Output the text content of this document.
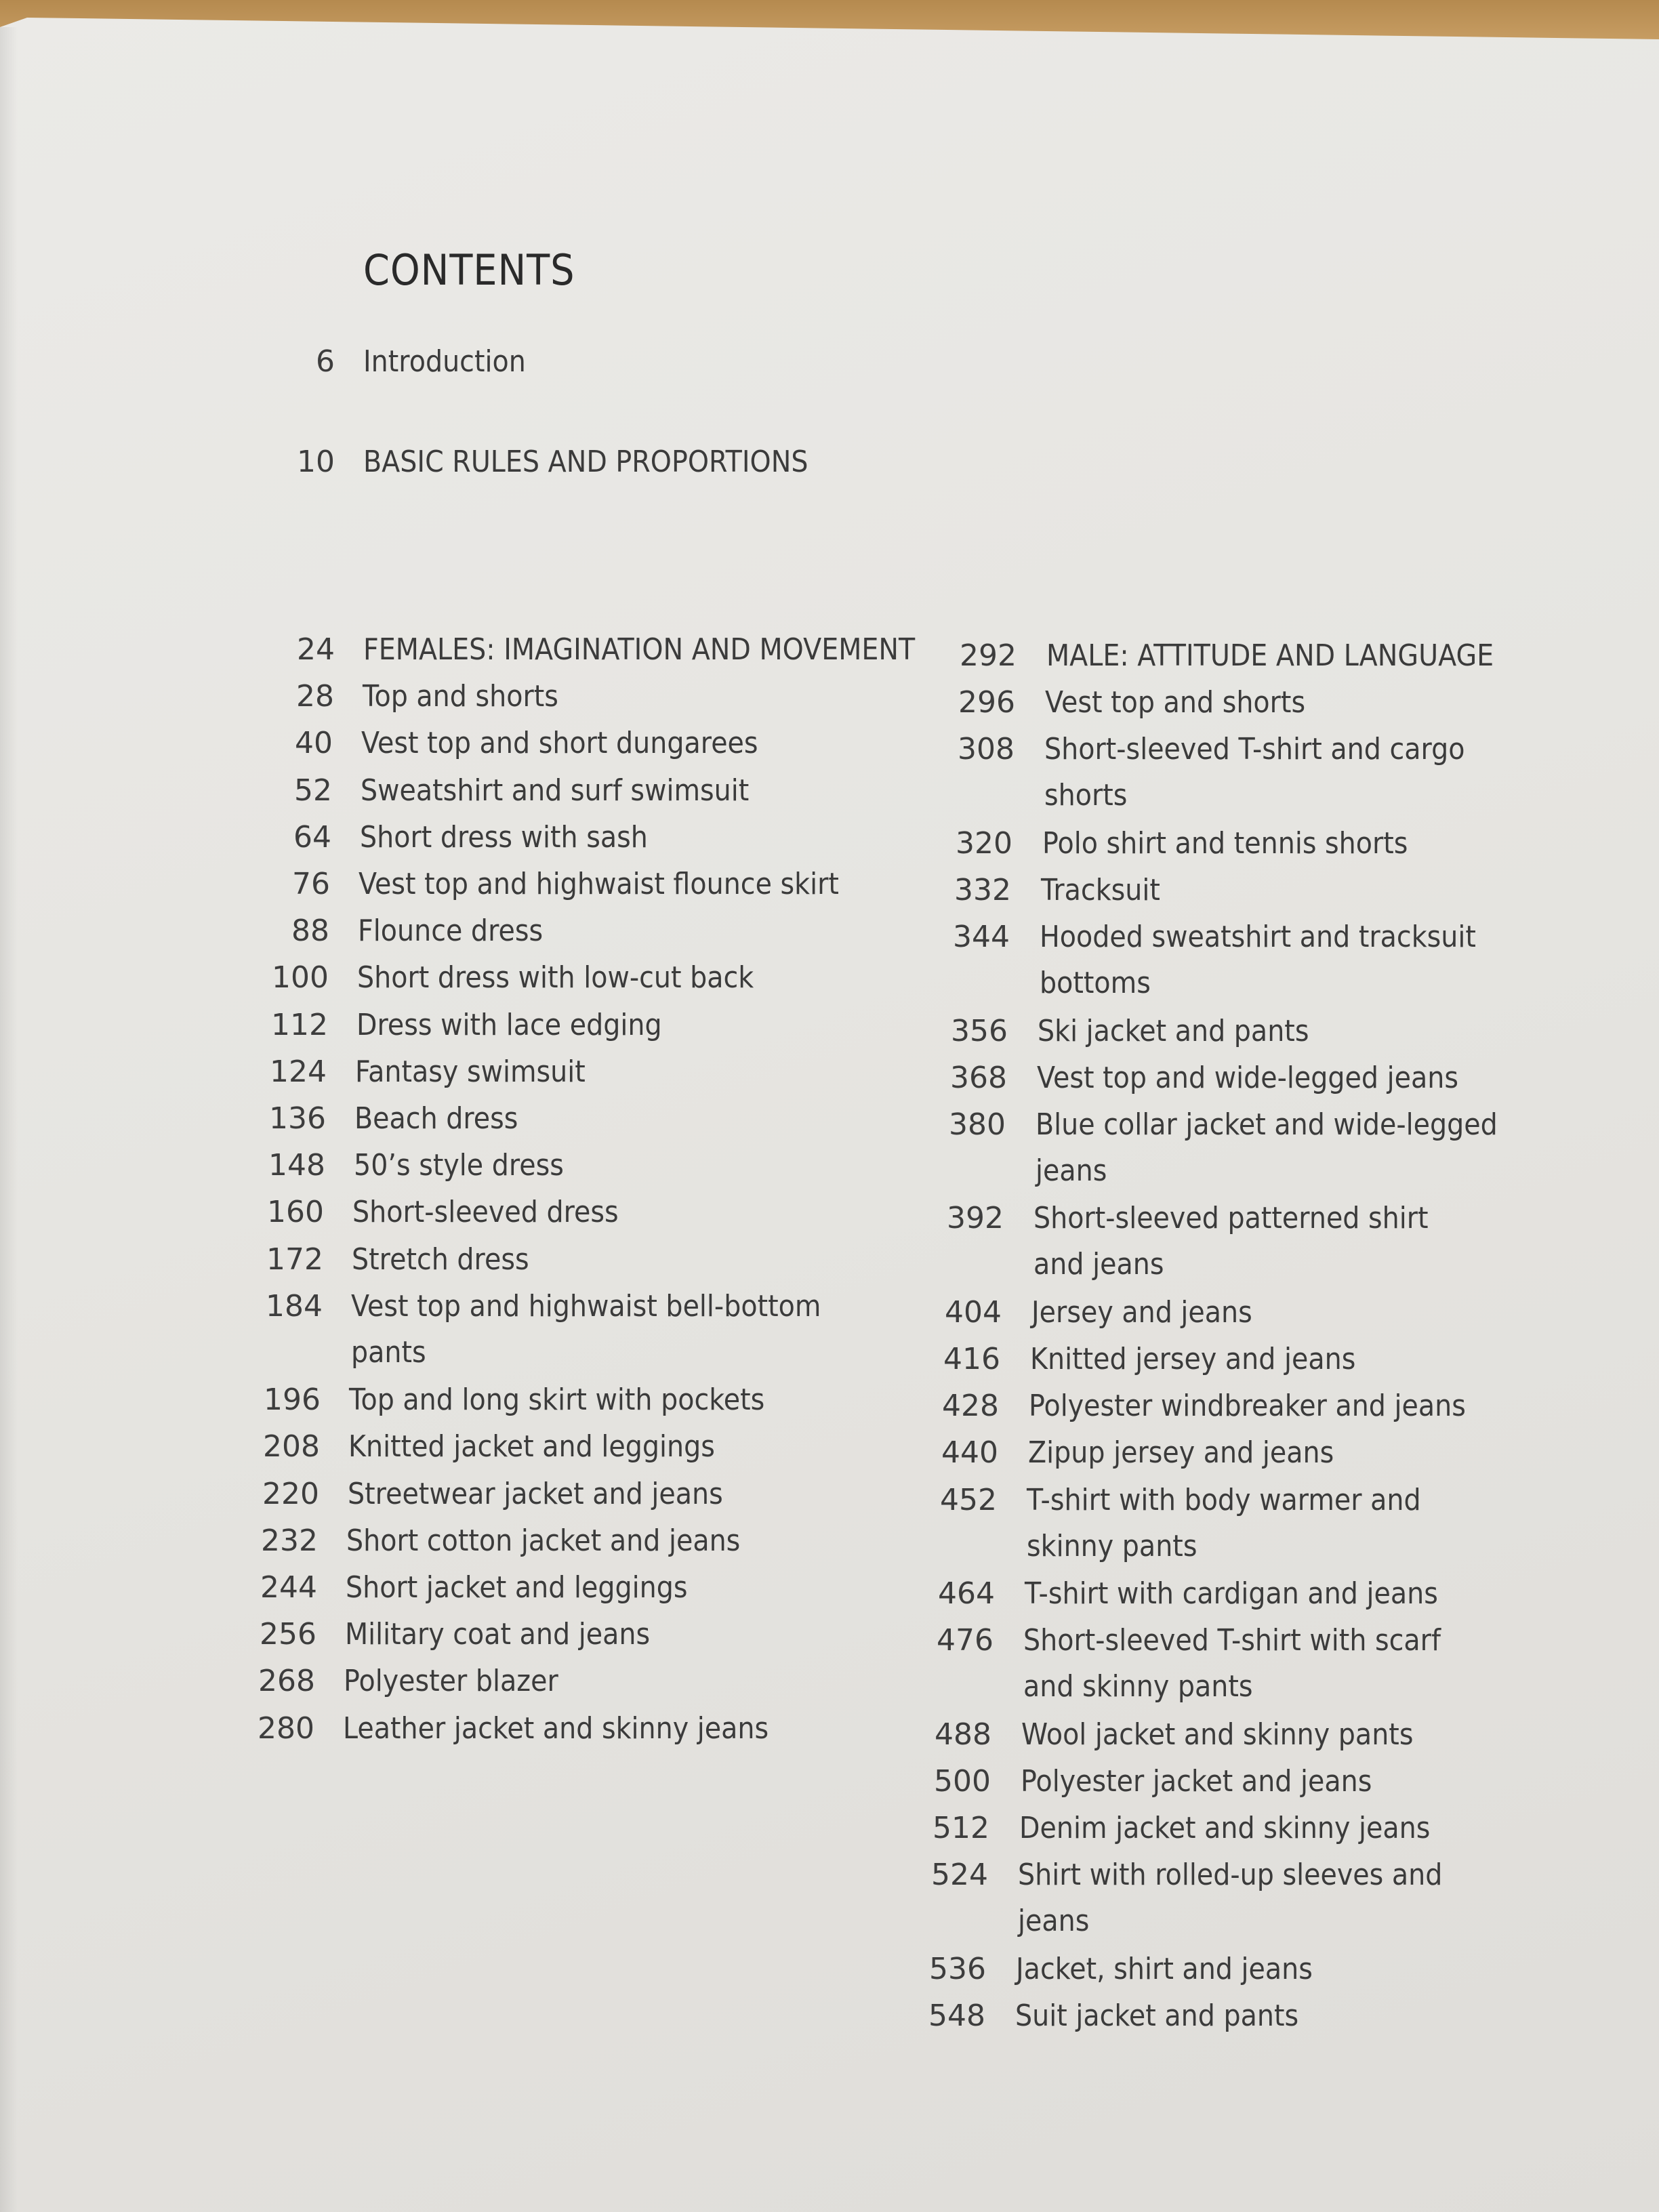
CONTENTS
6 Introduction
10 BASIC RULES AND PROPORTIONS
24 FEMALES: IMAGINATION AND MOVEMENT
28 Top and shorts
40 Vest top and short dungarees
52 Sweatshirt and surf swimsuit
64 Short dress with sash
76 Vest top and highwaist flounce skirt
88 Flounce dress
100 Short dress with low-cut back
112 Dress with lace edging
124 Fantasy swimsuit
136 Beach dress
148 50’s style dress
160 Short-sleeved dress
172 Stretch dress
184 Vest top and highwaist bell-bottom
pants
196 Top and long skirt with pockets
208 Knitted jacket and leggings
220 Streetwear jacket and jeans
232 Short cotton jacket and jeans
244 Short jacket and leggings
256 Military coat and jeans
268 Polyester blazer
280 Leather jacket and skinny jeans
292 MALE: ATTITUDE AND LANGUAGE
296 Vest top and shorts
308 Short-sleeved T-shirt and cargo
shorts
320 Polo shirt and tennis shorts
332 Tracksuit
344 Hooded sweatshirt and tracksuit
bottoms
356 Ski jacket and pants
368 Vest top and wide-legged jeans
380 Blue collar jacket and wide-legged
jeans
392 Short-sleeved patterned shirt
and jeans
404 Jersey and jeans
416 Knitted jersey and jeans
428 Polyester windbreaker and jeans
440 Zipup jersey and jeans
452 T-shirt with body warmer and
skinny pants
464 T-shirt with cardigan and jeans
476 Short-sleeved T-shirt with scarf
and skinny pants
488 Wool jacket and skinny pants
500 Polyester jacket and jeans
512 Denim jacket and skinny jeans
524 Shirt with rolled-up sleeves and
jeans
536 Jacket, shirt and jeans
548 Suit jacket and pants
